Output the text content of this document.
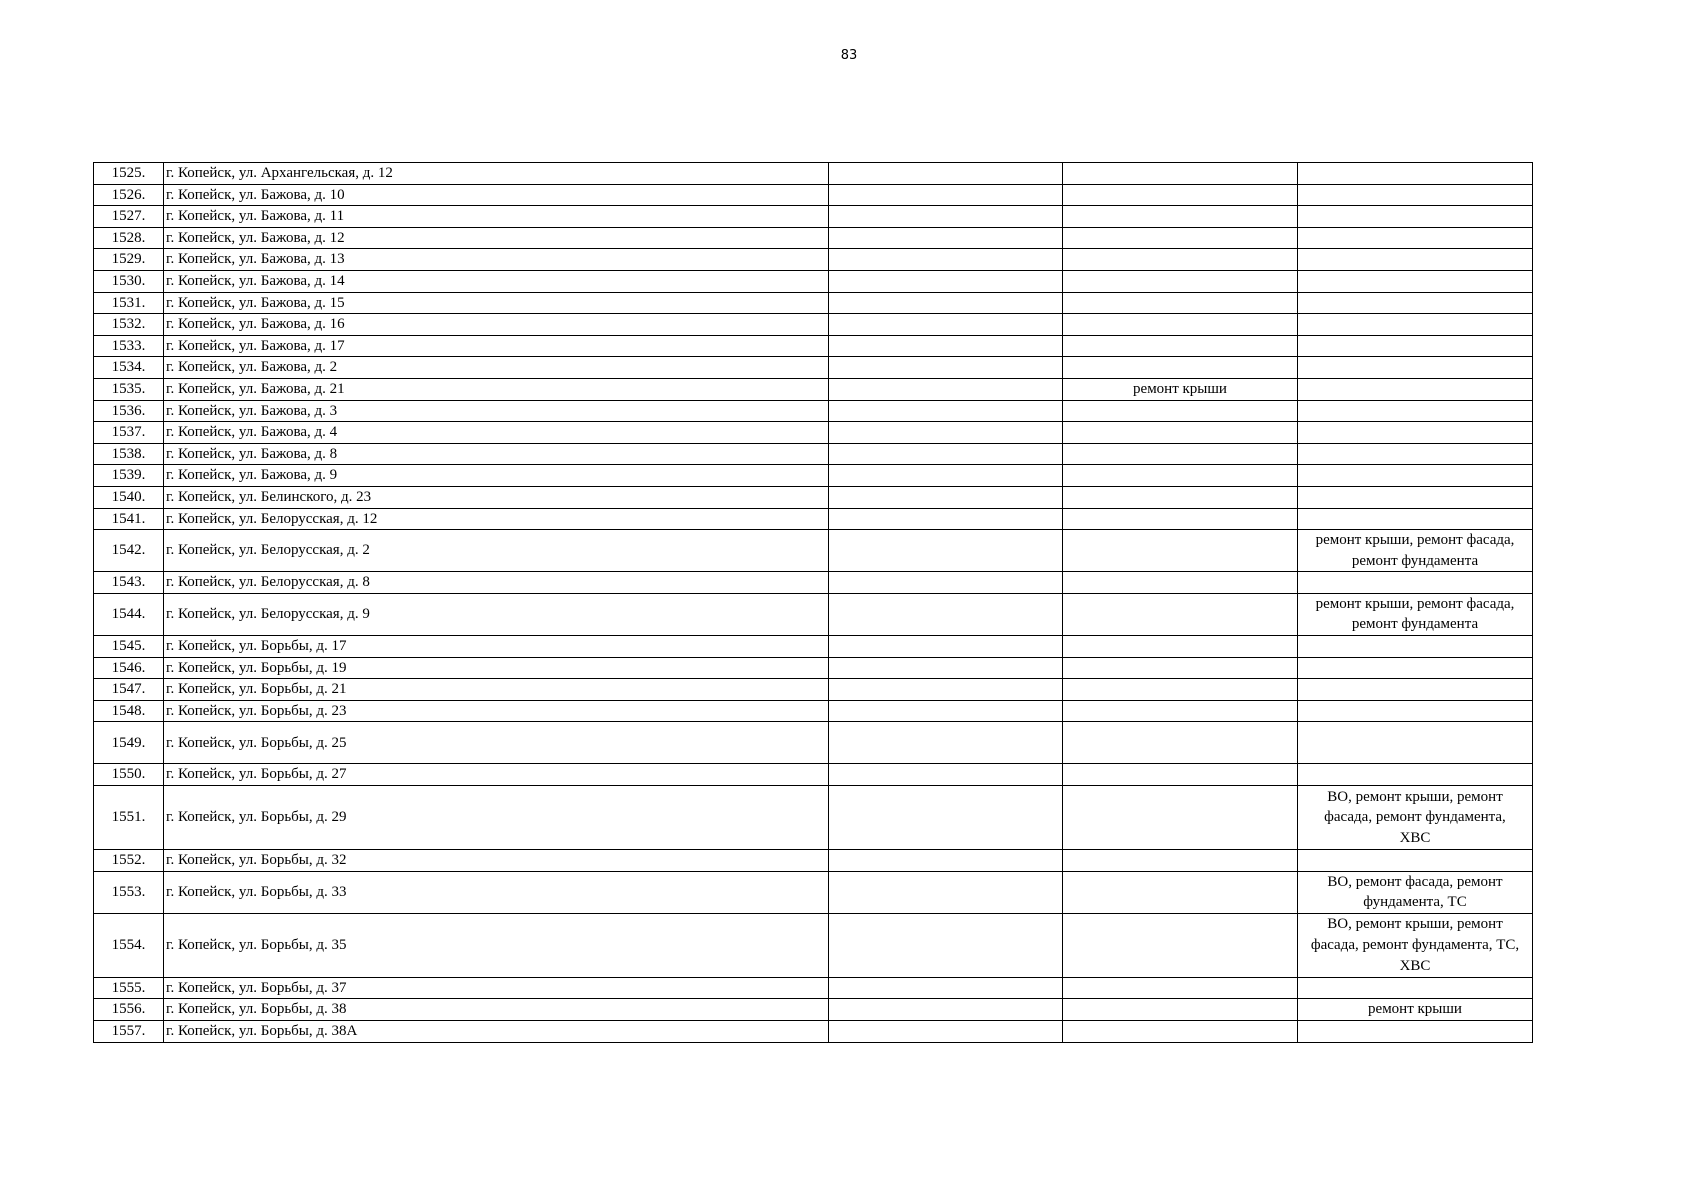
83
1525.	г. Копейск, ул. Архангельская, д. 12			
1526.	г. Копейск, ул. Бажова, д. 10			
1527.	г. Копейск, ул. Бажова, д. 11			
1528.	г. Копейск, ул. Бажова, д. 12			
1529.	г. Копейск, ул. Бажова, д. 13			
1530.	г. Копейск, ул. Бажова, д. 14			
1531.	г. Копейск, ул. Бажова, д. 15			
1532.	г. Копейск, ул. Бажова, д. 16			
1533.	г. Копейск, ул. Бажова, д. 17			
1534.	г. Копейск, ул. Бажова, д. 2			
1535.	г. Копейск, ул. Бажова, д. 21		ремонт крыши	
1536.	г. Копейск, ул. Бажова, д. 3			
1537.	г. Копейск, ул. Бажова, д. 4			
1538.	г. Копейск, ул. Бажова, д. 8			
1539.	г. Копейск, ул. Бажова, д. 9			
1540.	г. Копейск, ул. Белинского, д. 23			
1541.	г. Копейск, ул. Белорусская, д. 12			
1542.	г. Копейск, ул. Белорусская, д. 2			ремонт крыши, ремонт фасада,
ремонт фундамента
1543.	г. Копейск, ул. Белорусская, д. 8			
1544.	г. Копейск, ул. Белорусская, д. 9			ремонт крыши, ремонт фасада,
ремонт фундамента
1545.	г. Копейск, ул. Борьбы, д. 17			
1546.	г. Копейск, ул. Борьбы, д. 19			
1547.	г. Копейск, ул. Борьбы, д. 21			
1548.	г. Копейск, ул. Борьбы, д. 23			
1549.	г. Копейск, ул. Борьбы, д. 25			
1550.	г. Копейск, ул. Борьбы, д. 27			
1551.	г. Копейск, ул. Борьбы, д. 29			ВО, ремонт крыши, ремонт
фасада, ремонт фундамента,
ХВС
1552.	г. Копейск, ул. Борьбы, д. 32			
1553.	г. Копейск, ул. Борьбы, д. 33			ВО, ремонт фасада, ремонт
фундамента, ТС
1554.	г. Копейск, ул. Борьбы, д. 35			ВО, ремонт крыши, ремонт
фасада, ремонт фундамента, ТС,
ХВС
1555.	г. Копейск, ул. Борьбы, д. 37			
1556.	г. Копейск, ул. Борьбы, д. 38			ремонт крыши
1557.	г. Копейск, ул. Борьбы, д. 38А			
